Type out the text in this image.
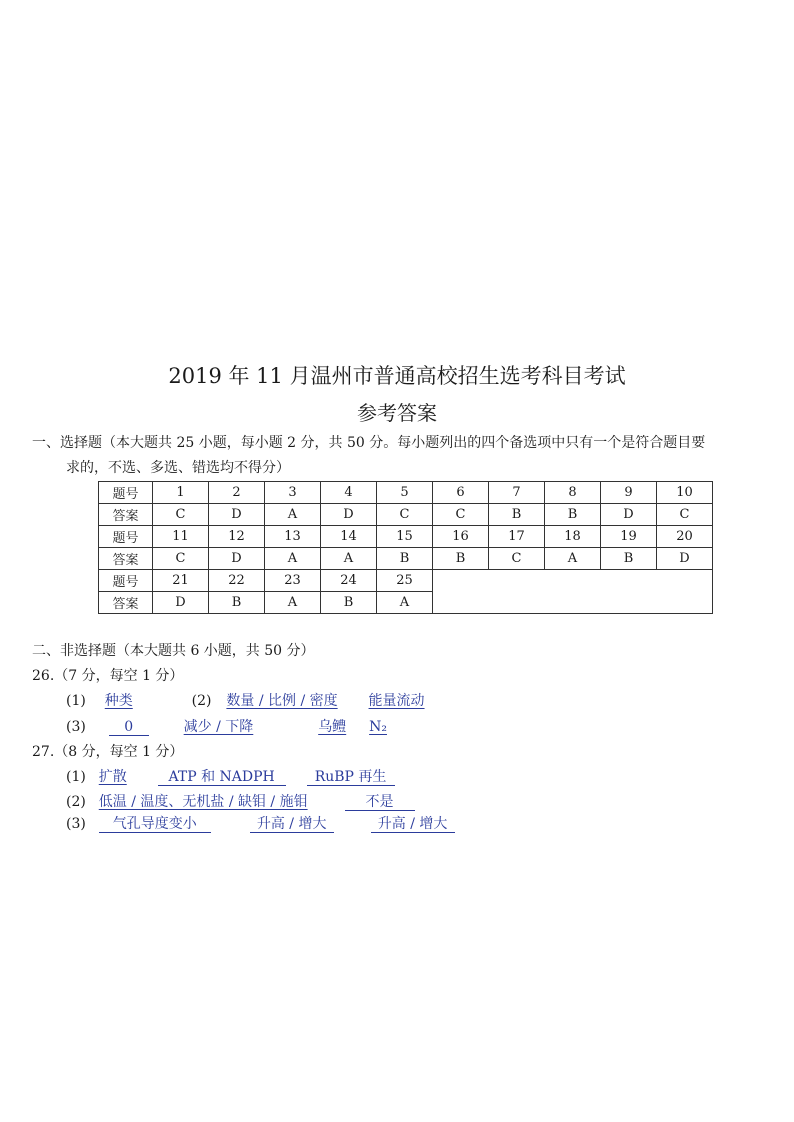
2019 年 11 月温州市普通高校招生选考科目考试
参考答案
一、选择题（本大题共 25 小题，每小题 2 分，共 50 分。每小题列出的四个备选项中只有一个是符合题目要
求的，不选、多选、错选均不得分）
题号	1	2	3	4	5	6	7	8	9	10
答案	C	D	A	D	C	C	B	B	D	C
题号	11	12	13	14	15	16	17	18	19	20
答案	C	D	A	A	B	B	C	A	B	D
题号	21	22	23	24	25					
答案	D	B	A	B	A					
二、非选择题（本大题共 6 小题，共 50 分）
26.（7 分，每空 1 分）
(1) 种类	(2) 数量 / 比例 / 密度 能量流动
(3)	0	减少 / 下降	乌鳢 N₂
27.（8 分，每空 1 分）
(1) 扩散	ATP 和 NADPH	RuBP 再生
(2) 低温 / 温度、无机盐 / 缺钼 / 施钼	不是
(3) 气孔导度变小	升高 / 增大	升高 / 增大
